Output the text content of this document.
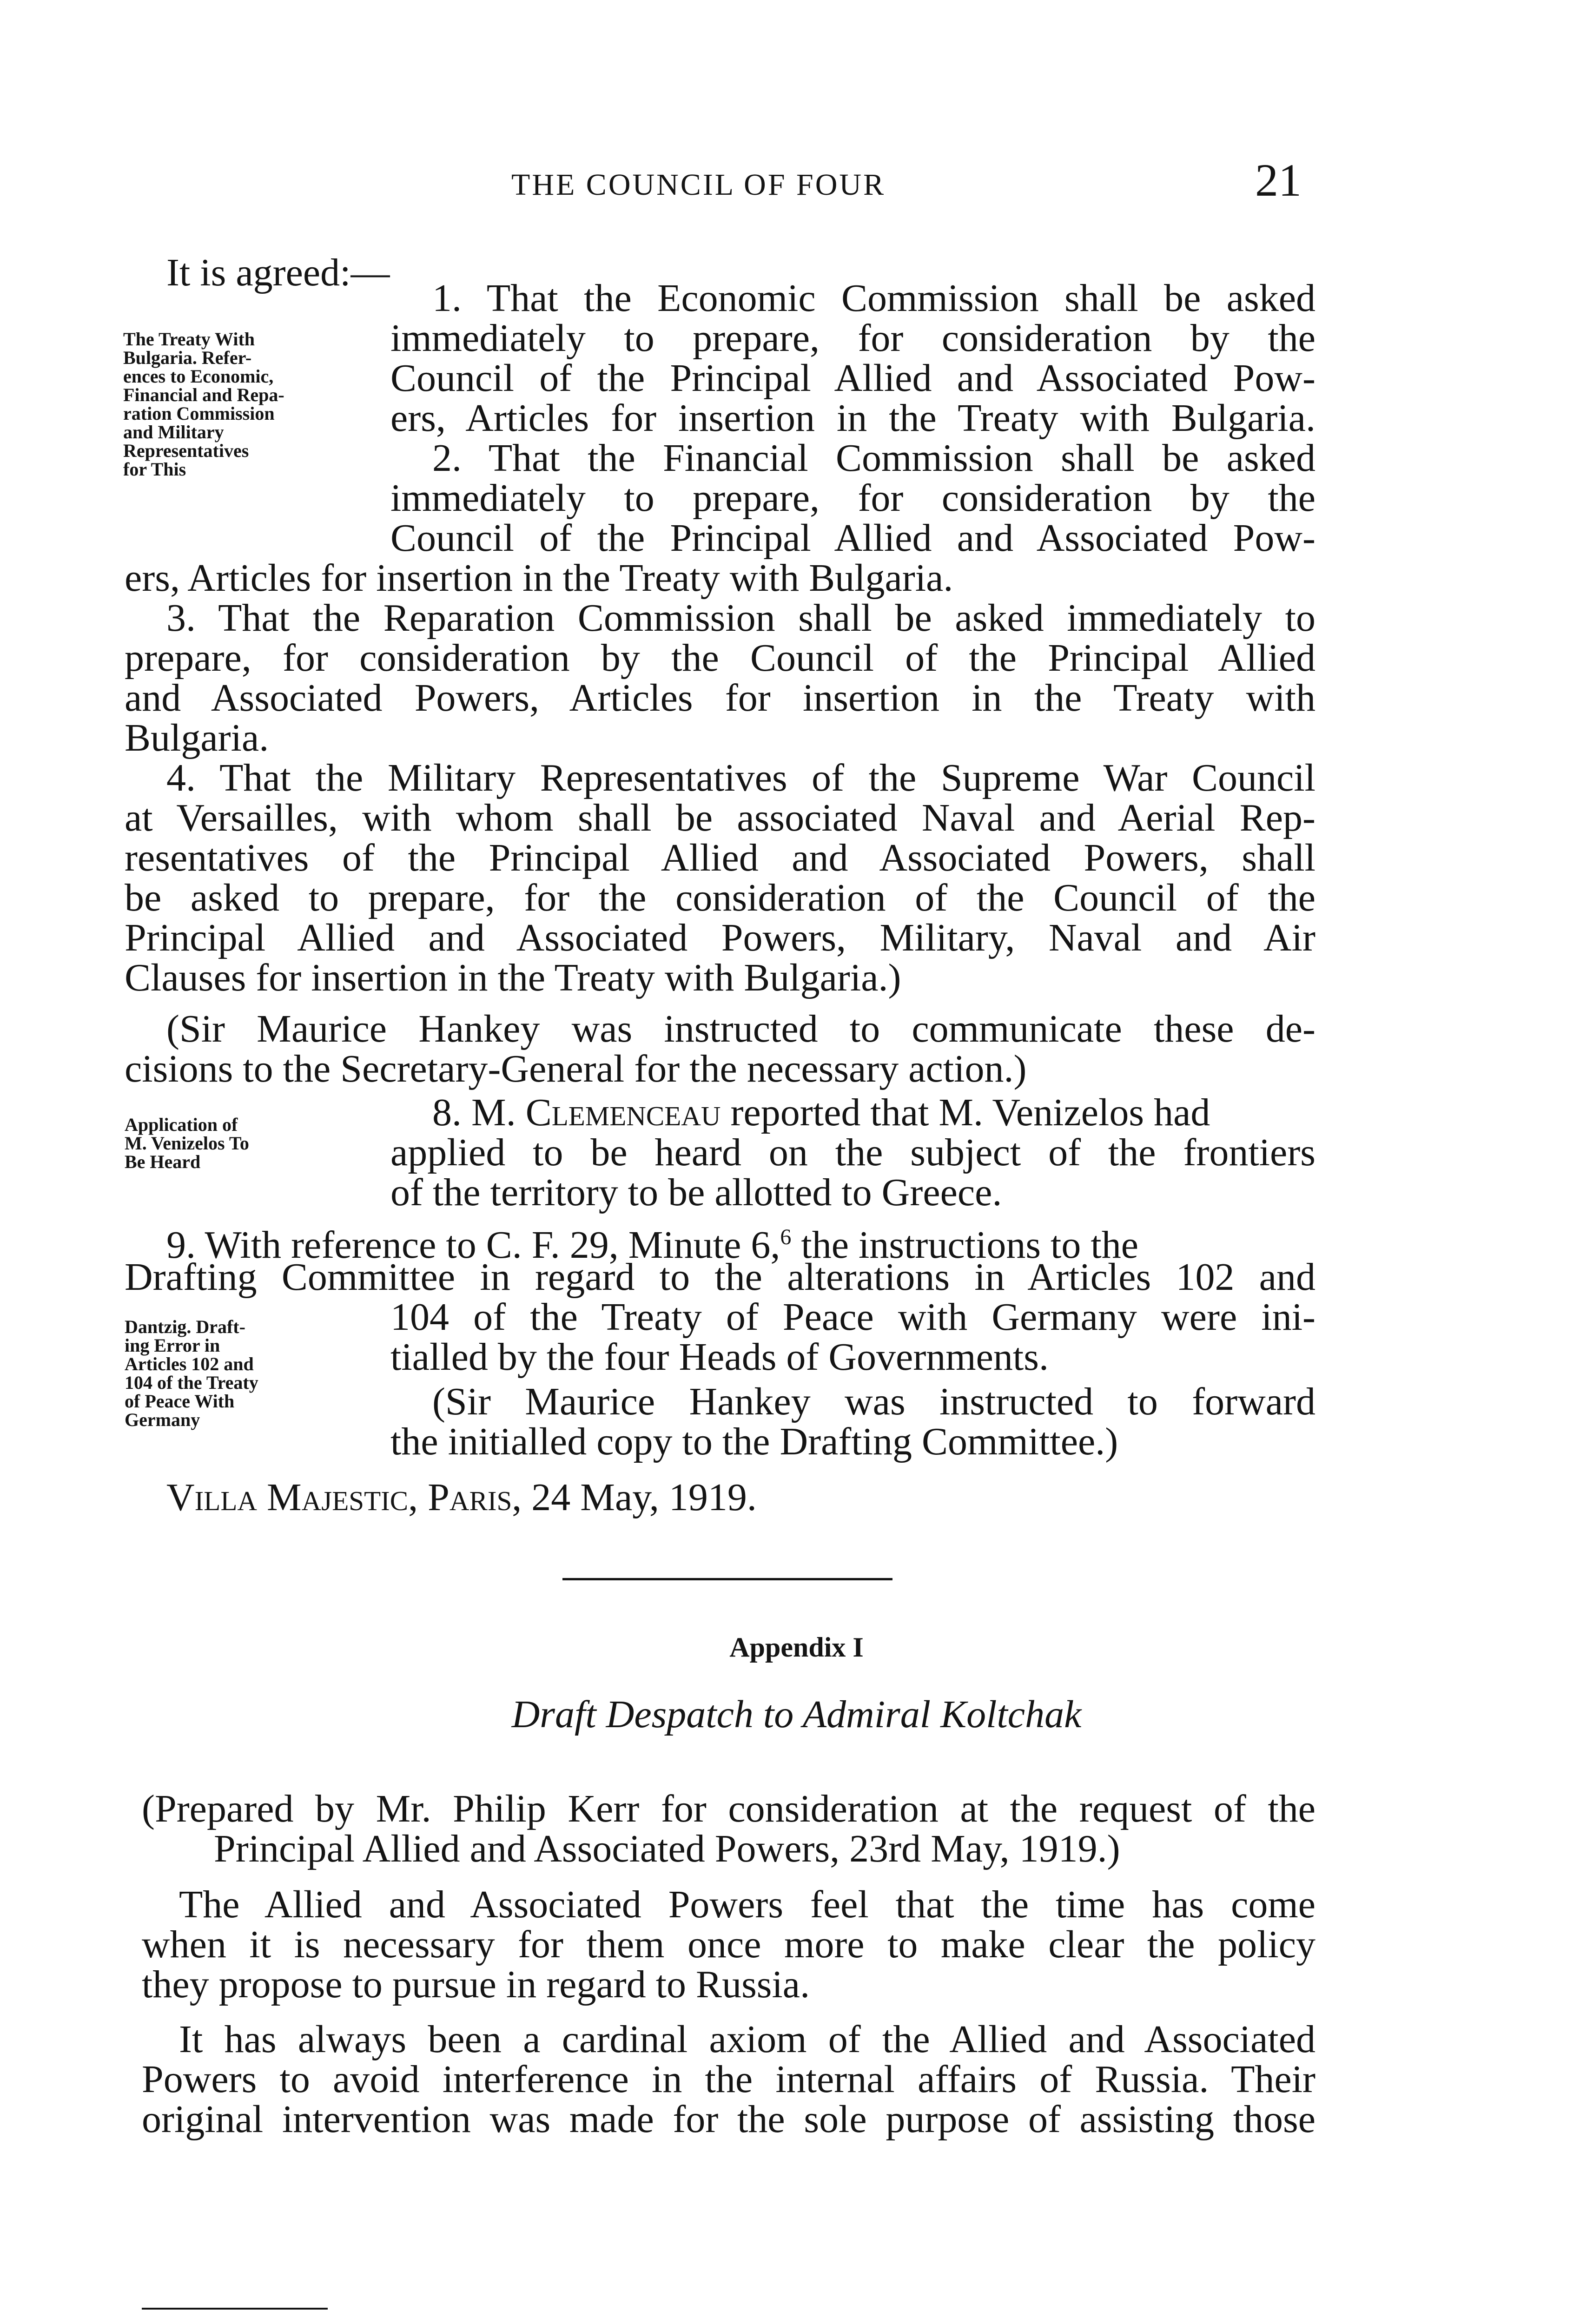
THE COUNCIL OF FOUR	21
It is agreed:—
The Treaty With
Bulgaria. Refer-
ences to Economic,
Financial and Repa-
ration Commission
and Military
Representatives
for This
1. That the Economic Commission shall be asked
immediately to prepare, for consideration by the
Council of the Principal Allied and Associated Pow-
ers, Articles for insertion in the Treaty with Bulgaria.
2. That the Financial Commission shall be asked
immediately to prepare, for consideration by the
Council of the Principal Allied and Associated Pow-
ers, Articles for insertion in the Treaty with Bulgaria.
3. That the Reparation Commission shall be asked immediately to
prepare, for consideration by the Council of the Principal Allied
and Associated Powers, Articles for insertion in the Treaty with
Bulgaria.
4. That the Military Representatives of the Supreme War Council
at Versailles, with whom shall be associated Naval and Aerial Rep-
resentatives of the Principal Allied and Associated Powers, shall
be asked to prepare, for the consideration of the Council of the
Principal Allied and Associated Powers, Military, Naval and Air
Clauses for insertion in the Treaty with Bulgaria.)
(Sir Maurice Hankey was instructed to communicate these de-
cisions to the Secretary-General for the necessary action.)
Application of
M. Venizelos To
Be Heard
8. M. Clemenceau reported that M. Venizelos had
applied to be heard on the subject of the frontiers
of the territory to be allotted to Greece.
9. With reference to C. F. 29, Minute 6,$^6$ the instructions to the
Drafting Committee in regard to the alterations in Articles 102 and
Dantzig. Draft-
ing Error in
Articles 102 and
104 of the Treaty
of Peace With
Germany
104 of the Treaty of Peace with Germany were ini-
tialled by the four Heads of Governments.
(Sir Maurice Hankey was instructed to forward
the initialled copy to the Drafting Committee.)
Villa Majestic, Paris, 24 May, 1919.
Appendix I
Draft Despatch to Admiral Koltchak
(Prepared by Mr. Philip Kerr for consideration at the request of the
Principal Allied and Associated Powers, 23rd May, 1919.)
The Allied and Associated Powers feel that the time has come
when it is necessary for them once more to make clear the policy
they propose to pursue in regard to Russia.
It has always been a cardinal axiom of the Allied and Associated
Powers to avoid interference in the internal affairs of Russia. Their
original intervention was made for the sole purpose of assisting those
